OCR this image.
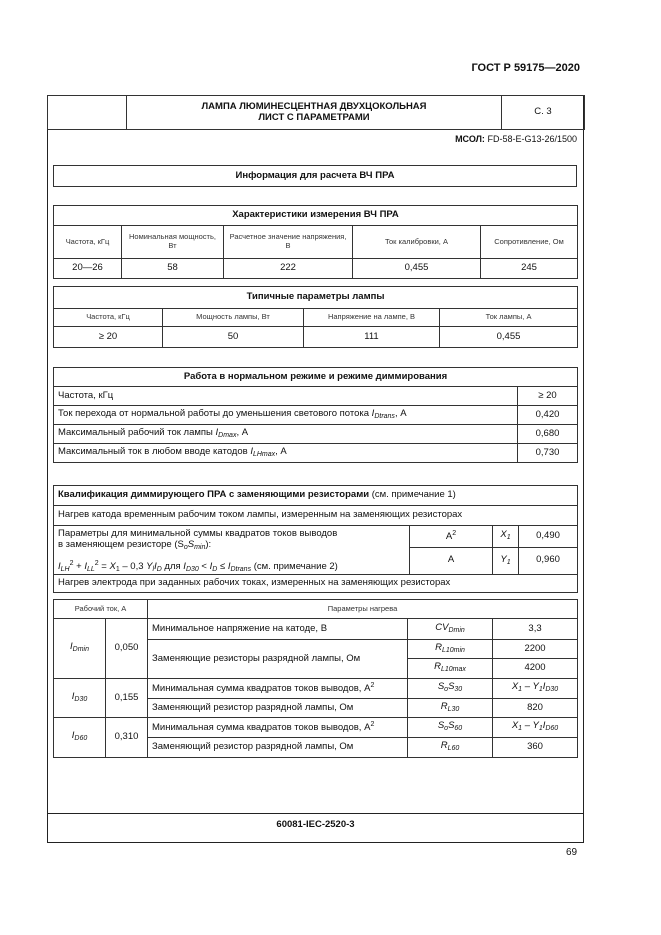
ГОСТ Р 59175—2020

ЛАМПА ЛЮМИНЕСЦЕНТНАЯ ДВУХЦОКОЛЬНАЯ
ЛИСТ С ПАРАМЕТРАМИ	С. 3
МСОЛ: FD-58-E-G13-26/1500
Информация для расчета ВЧ ПРА
Характеристики измерения ВЧ ПРА				
Частота, кГц	Номинальная мощность, Вт	Расчетное значение напряжения, В	Ток калибровки, А	Сопротивление, Ом
20—26	58	222	0,455	245
Типичные параметры лампы			
Частота, кГц	Мощность лампы, Вт	Напряжение на лампе, В	Ток лампы, А
≥ 20	50	111	0,455
Работа в нормальном режиме и режиме диммирования	
Частота, кГц	≥ 20
Ток перехода от нормальной работы до уменьшения светового потока $I_{Dtrans}$, А	0,420
Максимальный рабочий ток лампы $I_{Dmax}$, А	0,680
Максимальный ток в любом вводе катодов $I_{LHmax}$, А	0,730
Квалификация диммирующего ПРА с заменяющими резисторами (см. примечание 1)			
Нагрев катода временным рабочим током лампы, измеренным на заменяющих резисторах			

Параметры для минимальной суммы квадратов токов выводов
в заменяющем резисторе $(S_oS_{min})$:
$I_{LH}^2 + I_{LL}^2 = X_1 - 0,3$ $Y_lI_D$ для $I_{D30} < I_D \le I_{Dtrans}$ (см. примечание 2)	$A^2$	$X_1$	0,490
	A	$Y_1$	0,960
Нагрев электрода при заданных рабочих токах, измеренных на заменяющих резисторах			
Рабочий ток, А		Параметры нагрева		
$I_{Dmin}$	0,050	Минимальное напряжение на катоде, В	$CV_{Dmin}$	3,3
		Заменяющие резисторы разрядной лампы, Ом	$R_{L10min}$	2200
			$R_{L10max}$	4200
$I_{D30}$	0,155	Минимальная сумма квадратов токов выводов, $А^2$	$S_oS_{30}$	$X_1 - Y_1I_{D30}$
		Заменяющий резистор разрядной лампы, Ом	$R_{L30}$	820
$I_{D60}$	0,310	Минимальная сумма квадратов токов выводов, $А^2$	$S_oS_{60}$	$X_1 - Y_1I_{D60}$
		Заменяющий резистор разрядной лампы, Ом	$R_{L60}$	360
60081-IEC-2520-3
69
